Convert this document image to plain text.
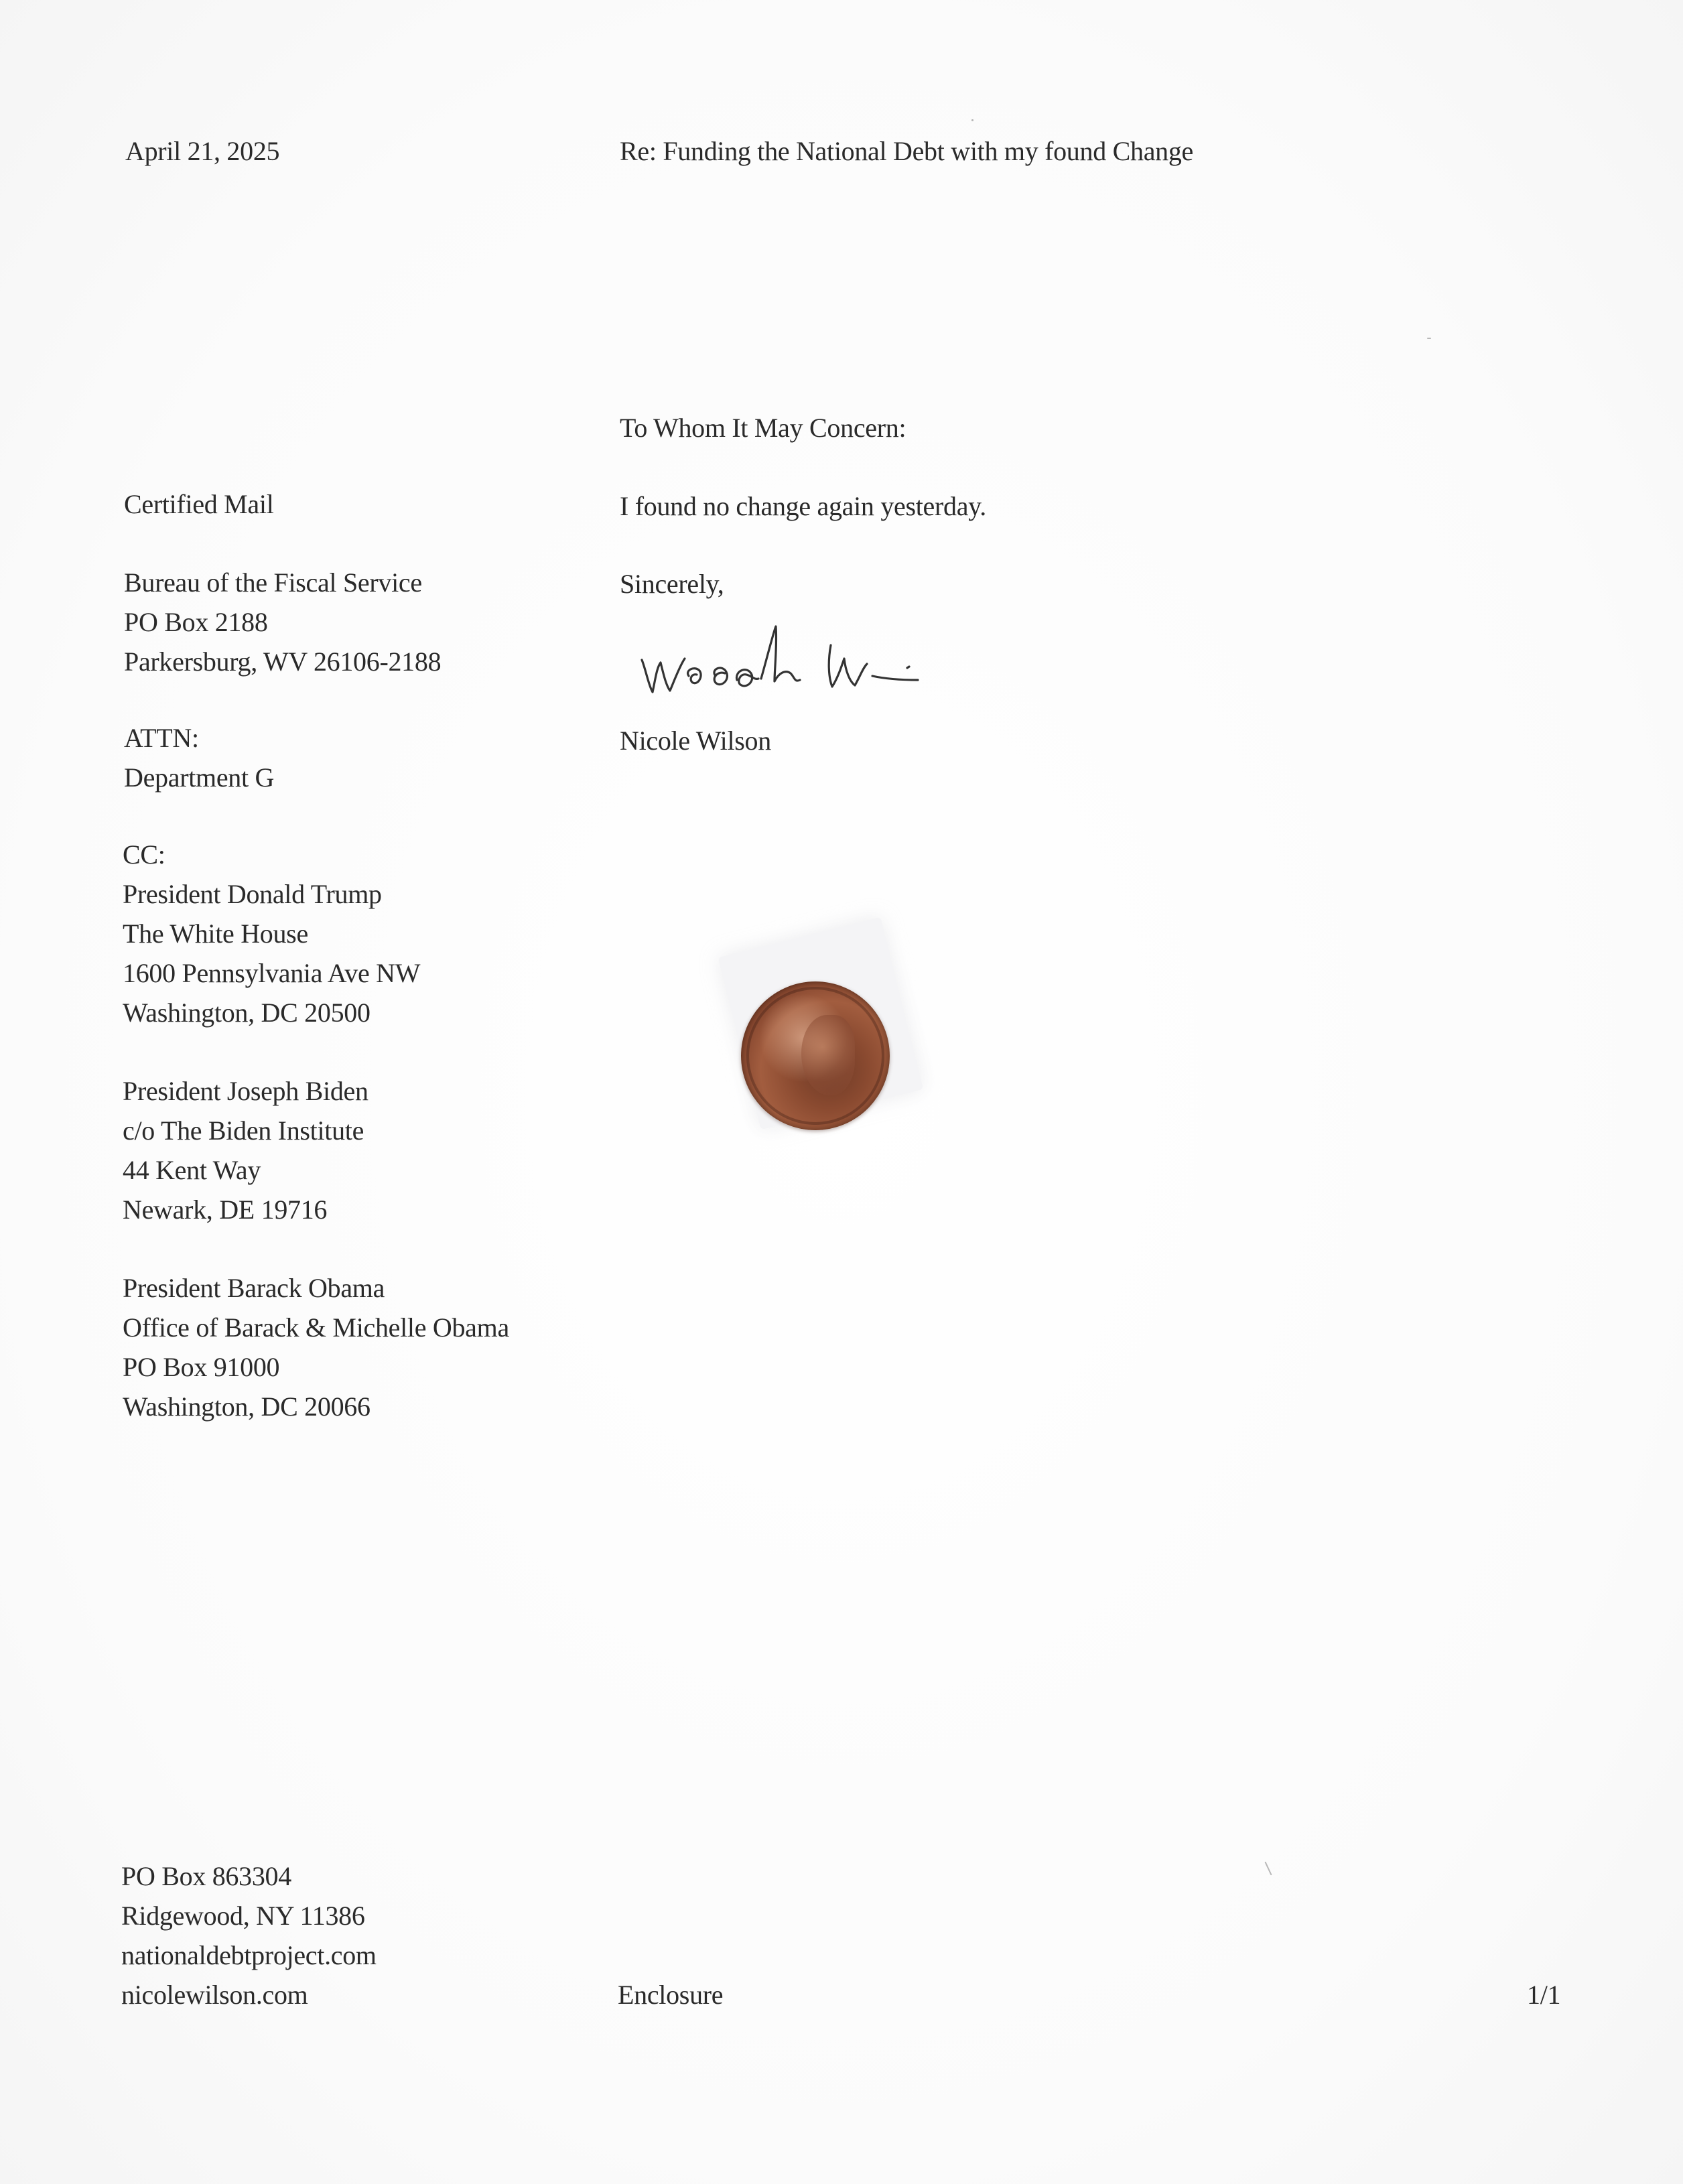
April 21, 2025	Re: Funding the National Debt with my found Change
To Whom It May Concern:
I found no change again yesterday.
Sincerely,
Nicole Wilson
Certified Mail
Bureau of the Fiscal Service
PO Box 2188
Parkersburg, WV 26106-2188
ATTN:
Department G
CC:
President Donald Trump
The White House
1600 Pennsylvania Ave NW
Washington, DC 20500
President Joseph Biden
c/o The Biden Institute
44 Kent Way
Newark, DE 19716
President Barack Obama
Office of Barack & Michelle Obama
PO Box 91000
Washington, DC 20066
PO Box 863304
Ridgewood, NY 11386
nationaldebtproject.com
nicolewilson.com	Enclosure	1/1
